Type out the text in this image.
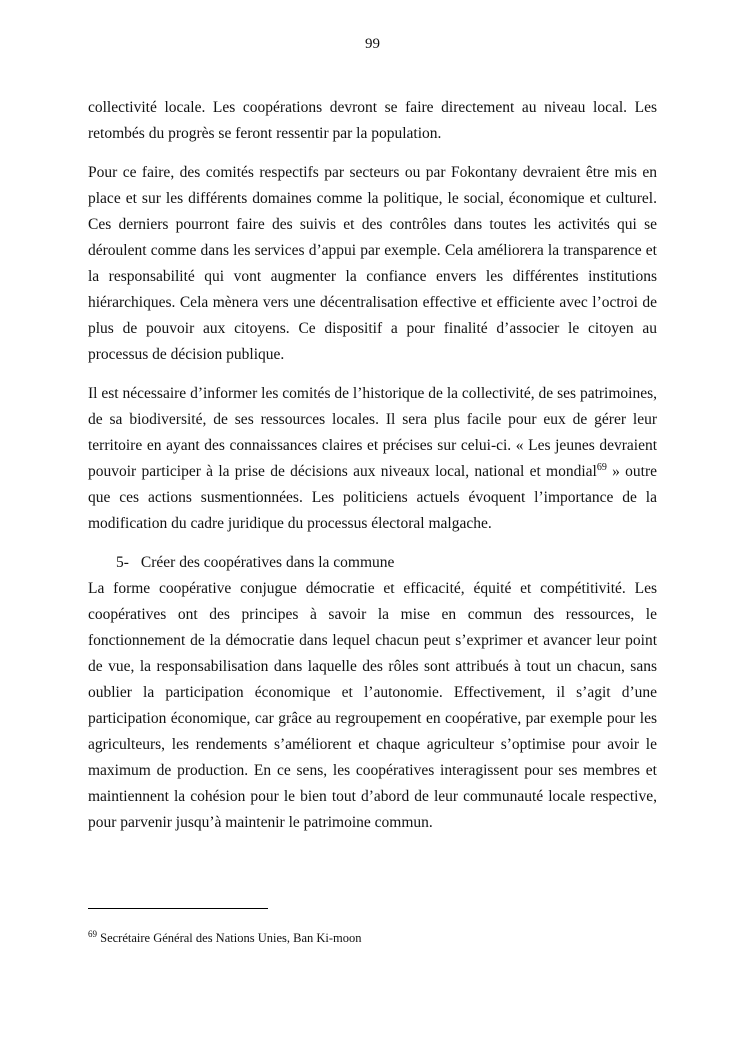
99

collectivité locale. Les coopérations devront se faire directement au niveau local. Les retombés du progrès se feront ressentir par la population.

Pour ce faire, des comités respectifs par secteurs ou par Fokontany devraient être mis en place et sur les différents domaines comme la politique, le social, économique et culturel. Ces derniers pourront faire des suivis et des contrôles dans toutes les activités qui se déroulent comme dans les services d’appui par exemple. Cela améliorera la transparence et la responsabilité qui vont augmenter la confiance envers les différentes institutions hiérarchiques. Cela mènera vers une décentralisation effective et efficiente avec l’octroi de plus de pouvoir aux citoyens. Ce dispositif a pour finalité d’associer le citoyen au processus de décision publique.

Il est nécessaire d’informer les comités de l’historique de la collectivité, de ses patrimoines, de sa biodiversité, de ses ressources locales. Il sera plus facile pour eux de gérer leur territoire en ayant des connaissances claires et précises sur celui-ci. « Les jeunes devraient pouvoir participer à la prise de décisions aux niveaux local, national et mondial$^{69}$ » outre que ces actions susmentionnées. Les politiciens actuels évoquent l’importance de la modification du cadre juridique du processus électoral malgache.

5- Créer des coopératives dans la commune

La forme coopérative conjugue démocratie et efficacité, équité et compétitivité. Les coopératives ont des principes à savoir la mise en commun des ressources, le fonctionnement de la démocratie dans lequel chacun peut s’exprimer et avancer leur point de vue, la responsabilisation dans laquelle des rôles sont attribués à tout un chacun, sans oublier la participation économique et l’autonomie. Effectivement, il s’agit d’une participation économique, car grâce au regroupement en coopérative, par exemple pour les agriculteurs, les rendements s’améliorent et chaque agriculteur s’optimise pour avoir le maximum de production. En ce sens, les coopératives interagissent pour ses membres et maintiennent la cohésion pour le bien tout d’abord de leur communauté locale respective, pour parvenir jusqu’à maintenir le patrimoine commun.

$^{69}$ Secrétaire Général des Nations Unies, Ban Ki-moon
